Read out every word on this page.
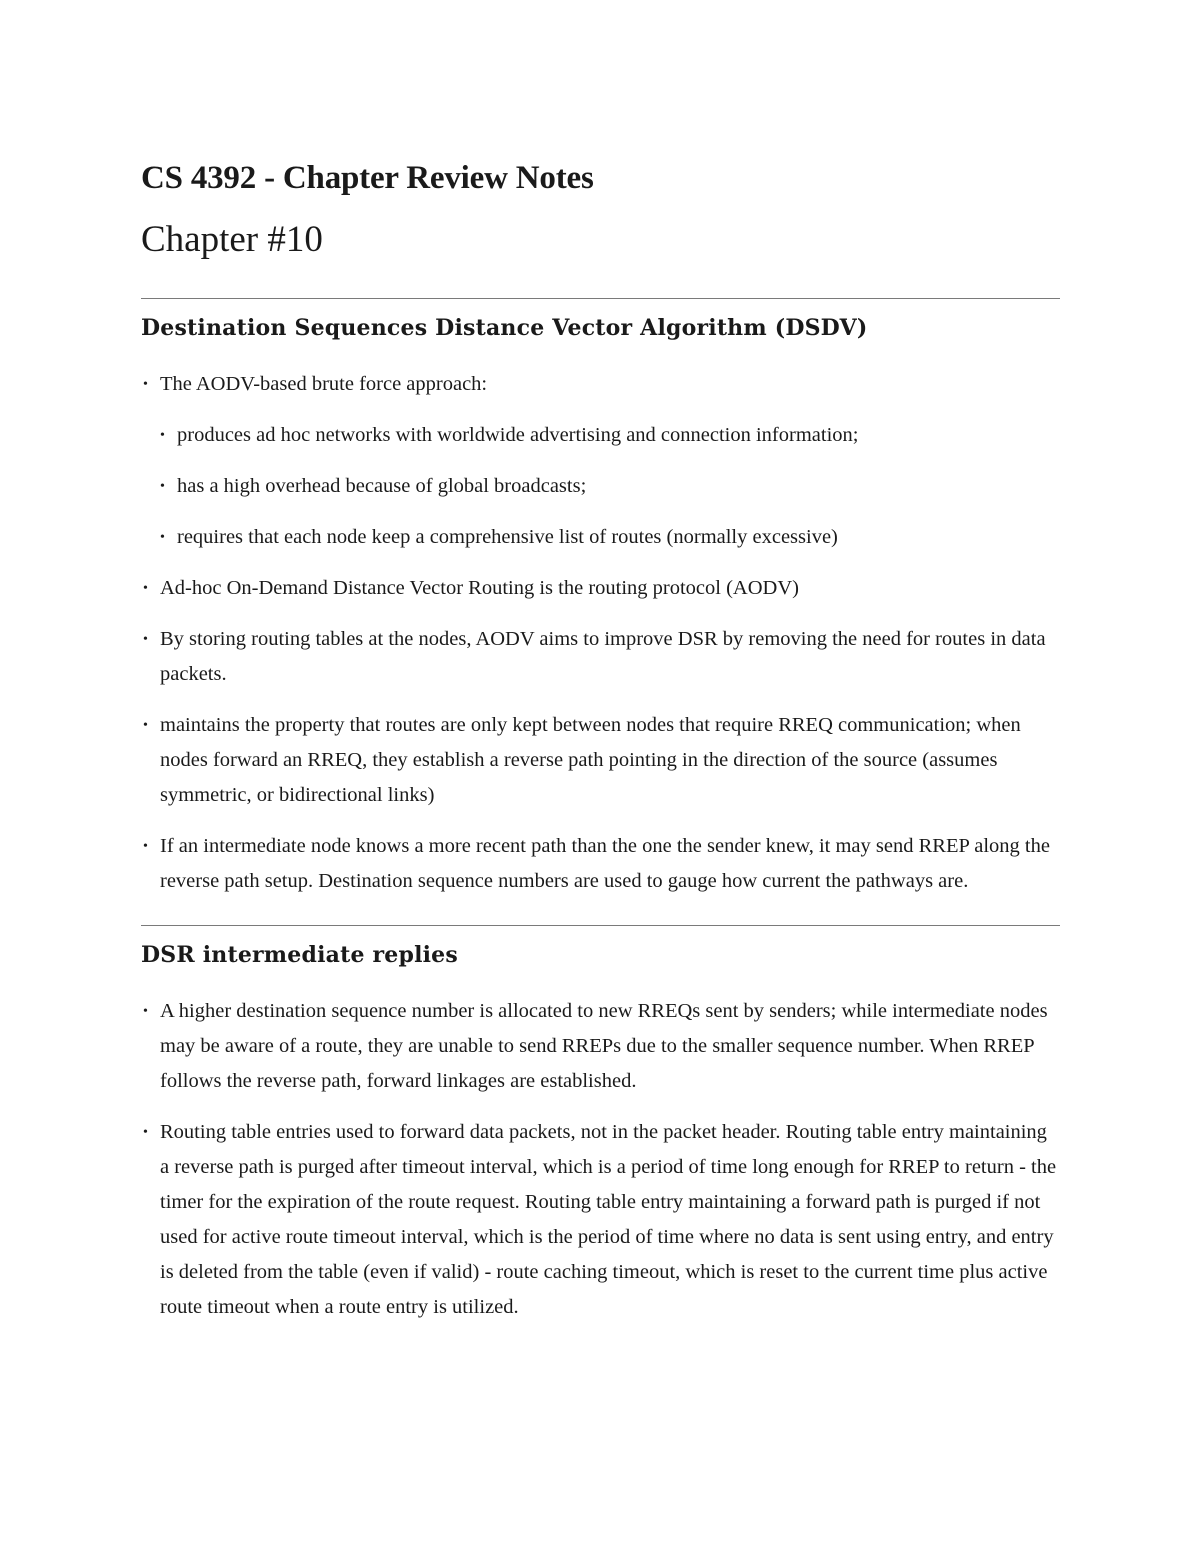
CS 4392 - Chapter Review Notes
Chapter #10
Destination Sequences Distance Vector Algorithm (DSDV)
• The AODV-based brute force approach:
• produces ad hoc networks with worldwide advertising and connection information;
• has a high overhead because of global broadcasts;
• requires that each node keep a comprehensive list of routes (normally excessive)
• Ad-hoc On-Demand Distance Vector Routing is the routing protocol (AODV)
• By storing routing tables at the nodes, AODV aims to improve DSR by removing the need for routes in data packets.
• maintains the property that routes are only kept between nodes that require RREQ communication; when nodes forward an RREQ, they establish a reverse path pointing in the direction of the source (assumes symmetric, or bidirectional links)
• If an intermediate node knows a more recent path than the one the sender knew, it may send RREP along the reverse path setup. Destination sequence numbers are used to gauge how current the pathways are.
DSR intermediate replies
• A higher destination sequence number is allocated to new RREQs sent by senders; while intermediate nodes may be aware of a route, they are unable to send RREPs due to the smaller sequence number. When RREP follows the reverse path, forward linkages are established.
• Routing table entries used to forward data packets, not in the packet header. Routing table entry maintaining a reverse path is purged after timeout interval, which is a period of time long enough for RREP to return - the timer for the expiration of the route request. Routing table entry maintaining a forward path is purged if not used for active route timeout interval, which is the period of time where no data is sent using entry, and entry is deleted from the table (even if valid) - route caching timeout, which is reset to the current time plus active route timeout when a route entry is utilized.
